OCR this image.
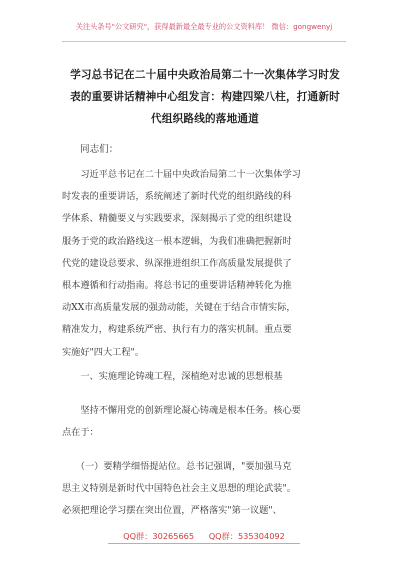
关注头条号"公文研究"，获得最新最全最专业的公文资料库！ 微信：gongwenyj
学习总书记在二十届中央政治局第二十一次集体学习时发
表的重要讲话精神中心组发言：构建四梁八柱，打通新时
代组织路线的落地通道
同志们：
　　习近平总书记在二十届中央政治局第二十一次集体学习
时发表的重要讲话，系统阐述了新时代党的组织路线的科
学体系、精髓要义与实践要求，深刻揭示了党的组织建设
服务于党的政治路线这一根本逻辑，为我们准确把握新时
代党的建设总要求、纵深推进组织工作高质量发展提供了
根本遵循和行动指南。将总书记的重要讲话精神转化为推
动XX市高质量发展的强劲动能，关键在于结合市情实际，
精准发力，构建系统严密、执行有力的落实机制。重点要
实施好"四大工程"。
　　一、实施理论铸魂工程，深植绝对忠诚的思想根基
　　坚持不懈用党的创新理论凝心铸魂是根本任务。核心要
点在于：
　　（一）要精学细悟提站位。总书记强调，"要加强马克
思主义特别是新时代中国特色社会主义思想的理论武装"。
必须把理论学习摆在突出位置，严格落实"第一议题"、
QQ群：30265665 QQ群：535304092
